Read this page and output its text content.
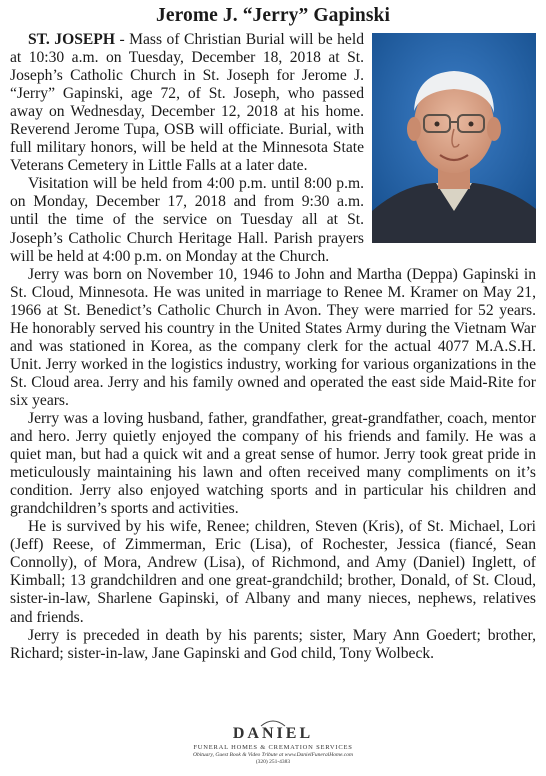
Jerome J. “Jerry” Gapinski

ST. JOSEPH - Mass of Christian Burial will be held at 10:30 a.m. on Tuesday, December 18, 2018 at St. Joseph’s Catholic Church in St. Joseph for Jerome J. “Jerry” Gapinski, age 72, of St. Joseph, who passed away on Wednesday, December 12, 2018 at his home. Reverend Jerome Tupa, OSB will officiate. Burial, with full military honors, will be held at the Minnesota State Veterans Cemetery in Little Falls at a later date.

Visitation will be held from 4:00 p.m. until 8:00 p.m. on Monday, December 17, 2018 and from 9:30 a.m. until the time of the service on Tuesday all at St. Joseph’s Catholic Church Heritage Hall. Parish prayers will be held at 4:00 p.m. on Monday at the Church.

Jerry was born on November 10, 1946 to John and Martha (Deppa) Gapinski in St. Cloud, Minnesota. He was united in marriage to Renee M. Kramer on May 21, 1966 at St. Benedict’s Catholic Church in Avon. They were married for 52 years. He honorably served his country in the United States Army during the Vietnam War and was stationed in Korea, as the company clerk for the actual 4077 M.A.S.H. Unit. Jerry worked in the logistics industry, working for various organizations in the St. Cloud area. Jerry and his family owned and operated the east side Maid-Rite for six years.

Jerry was a loving husband, father, grandfather, great-grandfather, coach, mentor and hero. Jerry quietly enjoyed the company of his friends and family. He was a quiet man, but had a quick wit and a great sense of humor. Jerry took great pride in meticulously maintaining his lawn and often received many compliments on it’s condition. Jerry also enjoyed watching sports and in particular his children and grandchildren’s sports and activities.

He is survived by his wife, Renee; children, Steven (Kris), of St. Michael, Lori (Jeff) Reese, of Zimmerman, Eric (Lisa), of Rochester, Jessica (fiancé, Sean Connolly), of Mora, Andrew (Lisa), of Richmond, and Amy (Daniel) Inglett, of Kimball; 13 grandchildren and one great-grandchild; brother, Donald, of St. Cloud, sister-in-law, Sharlene Gapinski, of Albany and many nieces, nephews, relatives and friends.

Jerry is preceded in death by his parents; sister, Mary Ann Goedert; brother, Richard; sister-in-law, Jane Gapinski and God child, Tony Wolbeck.

DANIEL
FUNERAL HOMES & CREMATION SERVICES
Obituary, Guest Book & Video Tribute at www.DanielFuneralHome.com
(320) 251-4383
